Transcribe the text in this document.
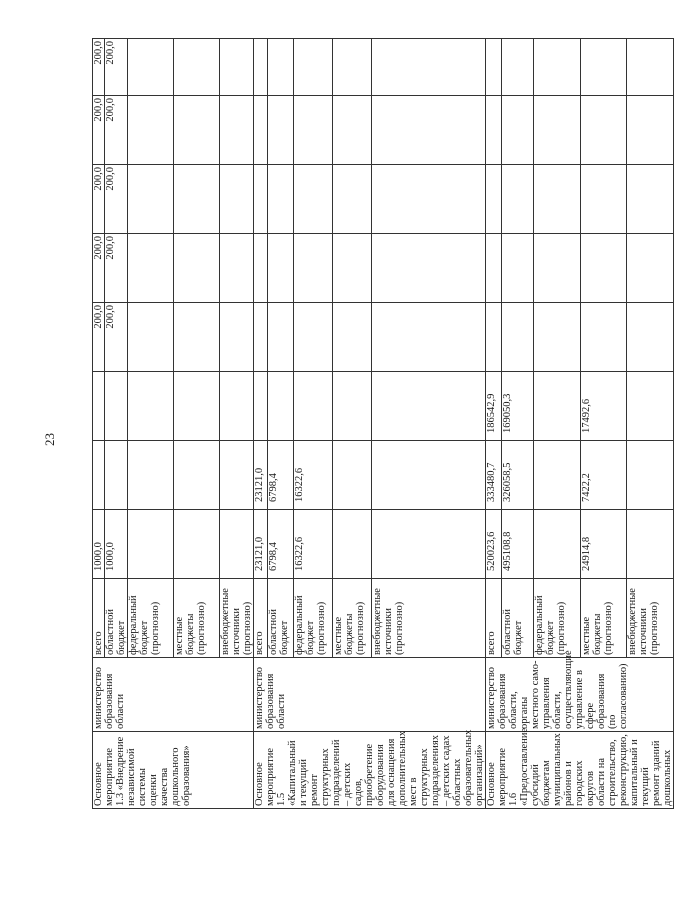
23
Основное мероприятие 1.3 «Внедрение независимой системы оценки качества дошкольного образования»	министерство образования области	всего	1000,0			200,0	200,0	200,0	200,0	200,0
		областной бюджет	1000,0			200,0	200,0	200,0	200,0	200,0
		федеральный бюджет (прогнозно)								
		местные бюджеты (прогнозно)								
		внебюджетные источники (прогнозно)								
Основное мероприятие 1.5 «Капитальный и текущий ремонт структурных подразделений – детских садов, приобретение оборудования для оснащения дополнительных мест в структурных подразделениях – детских садах областных образовательных организаций»	министерство образования области	всего	23121,0	23121,0						
		областной бюджет	6798,4	6798,4						
		федеральный бюджет (прогнозно)	16322,6	16322,6						
		местные бюджеты (прогнозно)								
		внебюджетные источники (прогнозно)								
Основное мероприятие 1.6 «Предоставление субсидий бюджетам муниципальных районов и городских округов области на строительство, реконструкцию, капитальный и текущий ремонт зданий дошкольных	министерство образования области, органы местного само-управления области, осуществляющие управление в сфере образования (по согласованию)	всего	520023,6	333480,7	186542,9					
		областной бюджет	495108,8	326058,5	169050,3					
		федеральный бюджет (прогнозно)								
		местные бюджеты (прогнозно)	24914,8	7422,2	17492,6					
		внебюджетные источники (прогнозно)								
